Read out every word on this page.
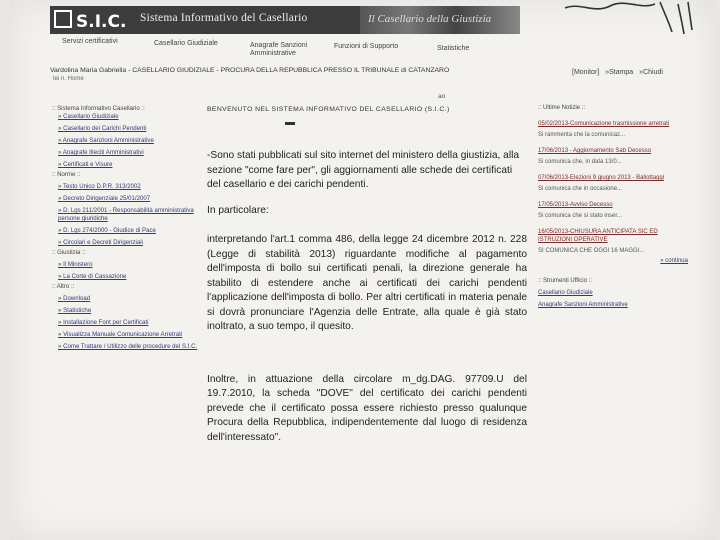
S.I.C.	Sistema Informativo del Casellario	Il Casellario della Giustizia
Afferm...
Servizi certificativi	Casellario Giudiziale	Anagrafe Sanzioni Amministrative
Funzioni di Supporto	Statistiche
Vardolina Maria Gabriella - CASELLARIO GIUDIZIALE - PROCURA DELLA REPUBBLICA PRESSO IL TRIBUNALE di CATANZARO
tei n. Home
[Monitor] »Stampa »Chiudi
ao
:: Sistema Informativo Casellario ::
» Casellario Giudiziale
» Casellario dei Carichi Pendenti
» Anagrafe Sanzioni Amministrative
» Anagrafe Illeciti Amministrativi
» Certificati e Visure
:: Norme ::
» Testo Unico D.P.R. 313/2002
» Decreto Dirigenziale 25/01/2007
» D. Lgs 211/2001 - Responsabilità amministrativa persone giuridiche
» D. Lgs 274/2000 - Giudice di Pace
» Circolari e Decreti Dirigenziali
:: Giustizia ::
» Il Ministero
» La Corte di Cassazione
:: Altro ::
» Download
» Statistiche
» Installazione Font per Certificati
» Visualizza Manuale Comunicazione Arretrati
» Come Trattare / Utilizzo delle procedure del S.I.C.
BENVENUTO NEL SISTEMA INFORMATIVO DEL CASELLARIO (S.I.C.)

-Sono stati pubblicati sul sito internet del ministero della giustizia, alla sezione "come fare per", gli aggiornamenti alle schede dei certificati del casellario e dei carichi pendenti.

In particolare:

interpretando l'art.1 comma 486, della legge 24 dicembre 2012 n. 228 (Legge di stabilità 2013) riguardante modifiche al pagamento dell'imposta di bollo sui certificati penali, la direzione generale ha stabilito di estendere anche ai certificati dei carichi pendenti l'applicazione dell'imposta di bollo. Per altri certificati in materia penale si dovrà pronunciare l'Agenzia delle Entrate, alla quale è già stato inoltrato, a suo tempo, il quesito.

Inoltre, in attuazione della circolare m_dg.DAG. 97709.U del 19.7.2010, la scheda "DOVE" del certificato dei carichi pendenti prevede che il certificato possa essere richiesto presso qualunque Procura della Repubblica, indipendentemente dal luogo di residenza dell'interessato".

:: Ultime Notizie ::
05/02/2013-Comunicazione trasmissione arretrati
Si rammenta che la comunicaz...
17/06/2013 - Aggiornamento Sab Decesso
Si comunica che, in data 13/0...
07/06/2013-Elezioni 9 giugno 2013 - Ballottaggi
Si comunica che in occasione...
17/05/2013-Avviso Decesso
Si comunica che si stato inser...
16/05/2013-CHIUSURA ANTICIPATA SIC ED ISTRUZIONI OPERATIVE
SI COMUNICA CHE OGGI 16 MAGGI...
» continua
:: Strumenti Ufficio ::
Casellario Giudiziale
Anagrafe Sanzioni Amministrative
